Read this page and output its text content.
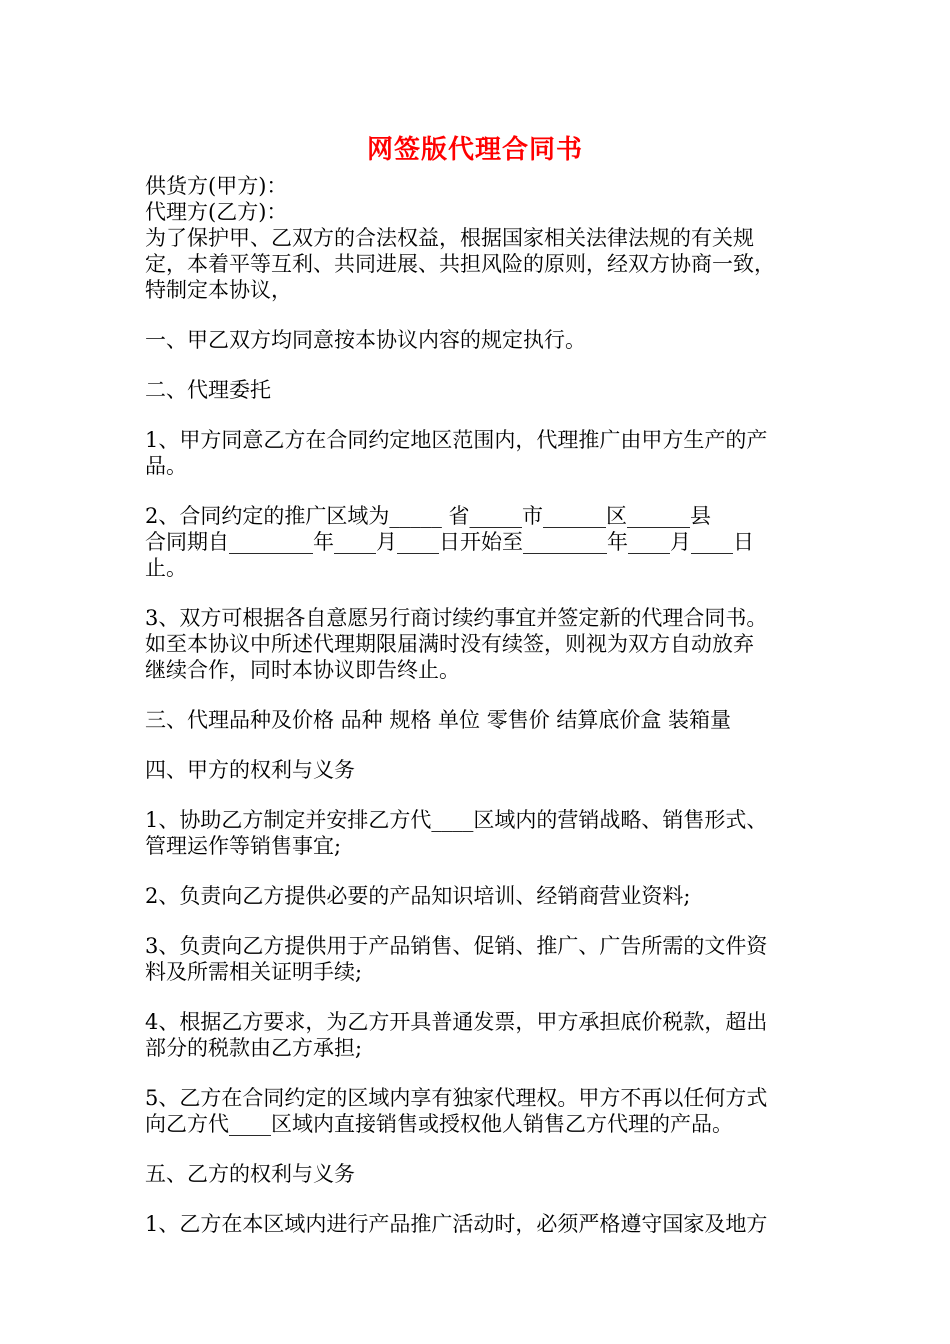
网签版代理合同书
供货方(甲方)：
代理方(乙方)：
为了保护甲、乙双方的合法权益，根据国家相关法律法规的有关规
定，本着平等互利、共同进展、共担风险的原则，经双方协商一致，
特制定本协议，
一、甲乙双方均同意按本协议内容的规定执行。
二、代理委托
1、甲方同意乙方在合同约定地区范围内，代理推广由甲方生产的产
品。
2、合同约定的推广区域为_____ 省_____市______区______县
合同期自________年____月____日开始至________年____月____日
止。
3、双方可根据各自意愿另行商讨续约事宜并签定新的代理合同书。
如至本协议中所述代理期限届满时没有续签，则视为双方自动放弃
继续合作，同时本协议即告终止。
三、代理品种及价格 品种 规格 单位 零售价 结算底价盒 装箱量
四、甲方的权利与义务
1、协助乙方制定并安排乙方代____区域内的营销战略、销售形式、
管理运作等销售事宜;
2、负责向乙方提供必要的产品知识培训、经销商营业资料;
3、负责向乙方提供用于产品销售、促销、推广、广告所需的文件资
料及所需相关证明手续;
4、根据乙方要求，为乙方开具普通发票，甲方承担底价税款，超出
部分的税款由乙方承担;
5、乙方在合同约定的区域内享有独家代理权。甲方不再以任何方式
向乙方代____区域内直接销售或授权他人销售乙方代理的产品。
五、乙方的权利与义务
1、乙方在本区域内进行产品推广活动时，必须严格遵守国家及地方
